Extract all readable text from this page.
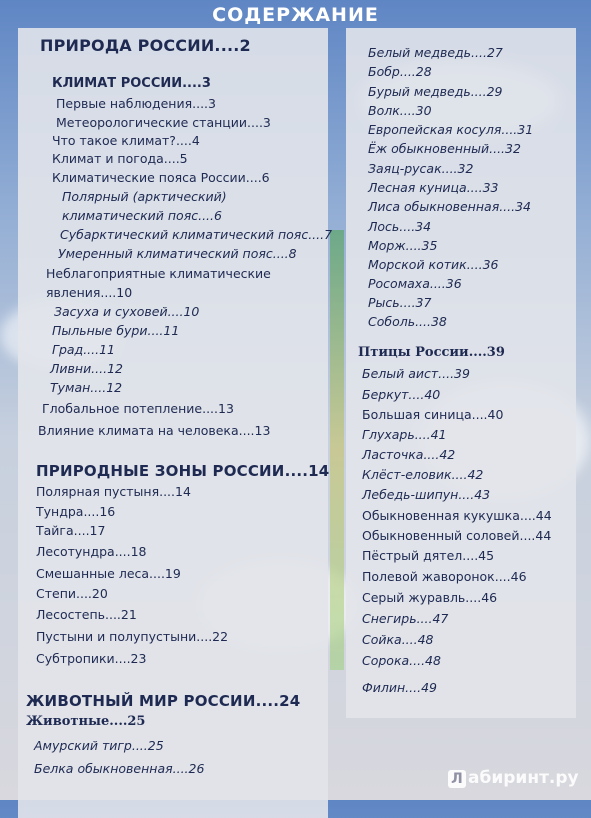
СОДЕРЖАНИЕ
ПРИРОДА РОССИИ....2
КЛИМАТ РОССИИ....3
Первые наблюдения....3
Метеорологические станции....3
Что такое климат?....4
Климат и погода....5
Климатические пояса России....6
Полярный (арктический)
климатический пояс....6
Субарктический климатический пояс....7
Умеренный климатический пояс....8
Неблагоприятные климатические
явления....10
Засуха и суховей....10
Пыльные бури....11
Град....11
Ливни....12
Туман....12
Глобальное потепление....13
Влияние климата на человека....13
ПРИРОДНЫЕ ЗОНЫ РОССИИ....14
Полярная пустыня....14
Тундра....16
Тайга....17
Лесотундра....18
Смешанные леса....19
Степи....20
Лесостепь....21
Пустыни и полупустыни....22
Субтропики....23
ЖИВОТНЫЙ МИР РОССИИ....24
Животные....25
Амурский тигр....25
Белка обыкновенная....26
Белый медведь....27
Бобр....28
Бурый медведь....29
Волк....30
Европейская косуля....31
Ёж обыкновенный....32
Заяц-русак....32
Лесная куница....33
Лиса обыкновенная....34
Лось....34
Морж....35
Морской котик....36
Росомаха....36
Рысь....37
Соболь....38
Птицы России....39
Белый аист....39
Беркут....40
Большая синица....40
Глухарь....41
Ласточка....42
Клёст-еловик....42
Лебедь-шипун....43
Обыкновенная кукушка....44
Обыкновенный соловей....44
Пёстрый дятел....45
Полевой жаворонок....46
Серый журавль....46
Снегирь....47
Сойка....48
Сорока....48
Филин....49
Л абиринт.ру
